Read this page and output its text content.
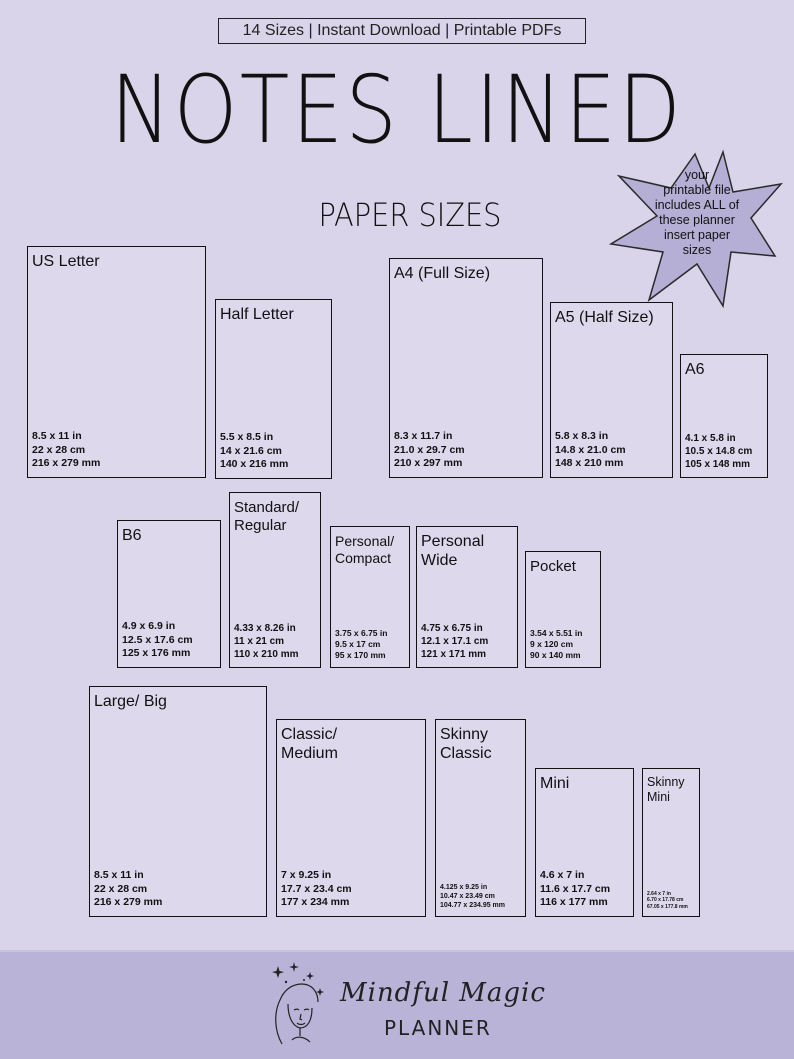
14 Sizes | Instant Download | Printable PDFs
NOTES LINED
PAPER SIZES
your
printable file
includes ALL of
these planner
insert paper
sizes
US Letter
8.5 x 11 in
22 x 28 cm
216 x 279 mm
Half Letter
5.5 x 8.5 in
14 x 21.6 cm
140 x 216 mm
A4 (Full Size)
8.3 x 11.7 in
21.0 x 29.7 cm
210 x 297 mm
A5 (Half Size)
5.8 x 8.3 in
14.8 x 21.0 cm
148 x 210 mm
A6
4.1 x 5.8 in
10.5 x 14.8 cm
105 x 148 mm
B6
4.9 x 6.9 in
12.5 x 17.6 cm
125 x 176 mm
Standard/ Regular
4.33 x 8.26 in
11 x 21 cm
110 x 210 mm
Personal/ Compact
3.75 x 6.75 in
9.5 x 17 cm
95 x 170 mm
Personal Wide
4.75 x 6.75 in
12.1 x 17.1 cm
121 x 171 mm
Pocket
3.54 x 5.51 in
9 x 120 cm
90 x 140 mm
Large/ Big
8.5 x 11 in
22 x 28 cm
216 x 279 mm
Classic/ Medium
7 x 9.25 in
17.7 x 23.4 cm
177 x 234 mm
Skinny Classic
4.125 x 9.25 in
10.47 x 23.49 cm
104.77 x 234.95 mm
Mini
4.6 x 7 in
11.6 x 17.7 cm
116 x 177 mm
Skinny Mini
2.64 x 7 in
6.70 x 17.78 cm
67.05 x 177.8 mm
Mindful Magic
PLANNER
